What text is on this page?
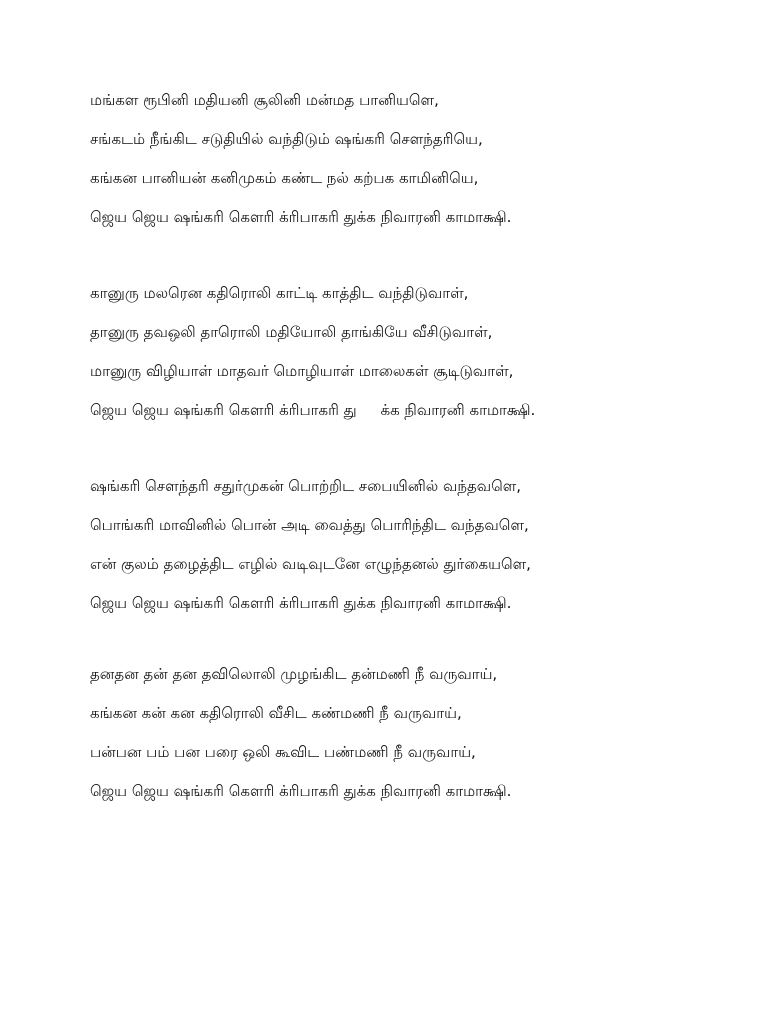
மங்கள ரூபினி மதியனி சூலினி மன்மத பானியளெ,
சங்கடம் நீங்கிட சடுதியில் வந்திடும் ஷங்கரி சௌந்தரியெ,
கங்கன பானியன் கனிமுகம் கண்ட நல் கற்பக காமினியெ,
ஜெய ஜெய ஷங்கரி கௌரி க்ரிபாகரி துக்க நிவாரனி காமாக்ஷி.
கானுரு மலரென கதிரொலி காட்டி காத்திட வந்திடுவாள்,
தானுரு தவஒலி தாரொலி மதியோலி தாங்கியே வீசிடுவாள்,
மானுரு விழியாள் மாதவர் மொழியாள் மாலைகள் சூடிடுவாள்,
ஜெய ஜெய ஷங்கரி கௌரி க்ரிபாகரி து     க்க நிவாரனி காமாக்ஷி.
ஷங்கரி சௌந்தரி சதுர்முகன் பொற்றிட சபையினில் வந்தவளெ,
பொங்கரி மாவினில் பொன் அடி வைத்து பொரிந்திட வந்தவளெ,
என் குலம் தழைத்திட எழில் வடிவுடனே எழுந்தனல் துர்கையளெ,
ஜெய ஜெய ஷங்கரி கௌரி க்ரிபாகரி துக்க நிவாரனி காமாக்ஷி.
தனதன தன் தன தவிலொலி முழங்கிட தன்மணி நீ வருவாய்,
கங்கன கன் கன கதிரொலி வீசிட கண்மணி நீ வருவாய்,
பன்பன பம் பன பரை ஒலி கூவிட பண்மணி நீ வருவாய்,
ஜெய ஜெய ஷங்கரி கௌரி க்ரிபாகரி துக்க நிவாரனி காமாக்ஷி.
